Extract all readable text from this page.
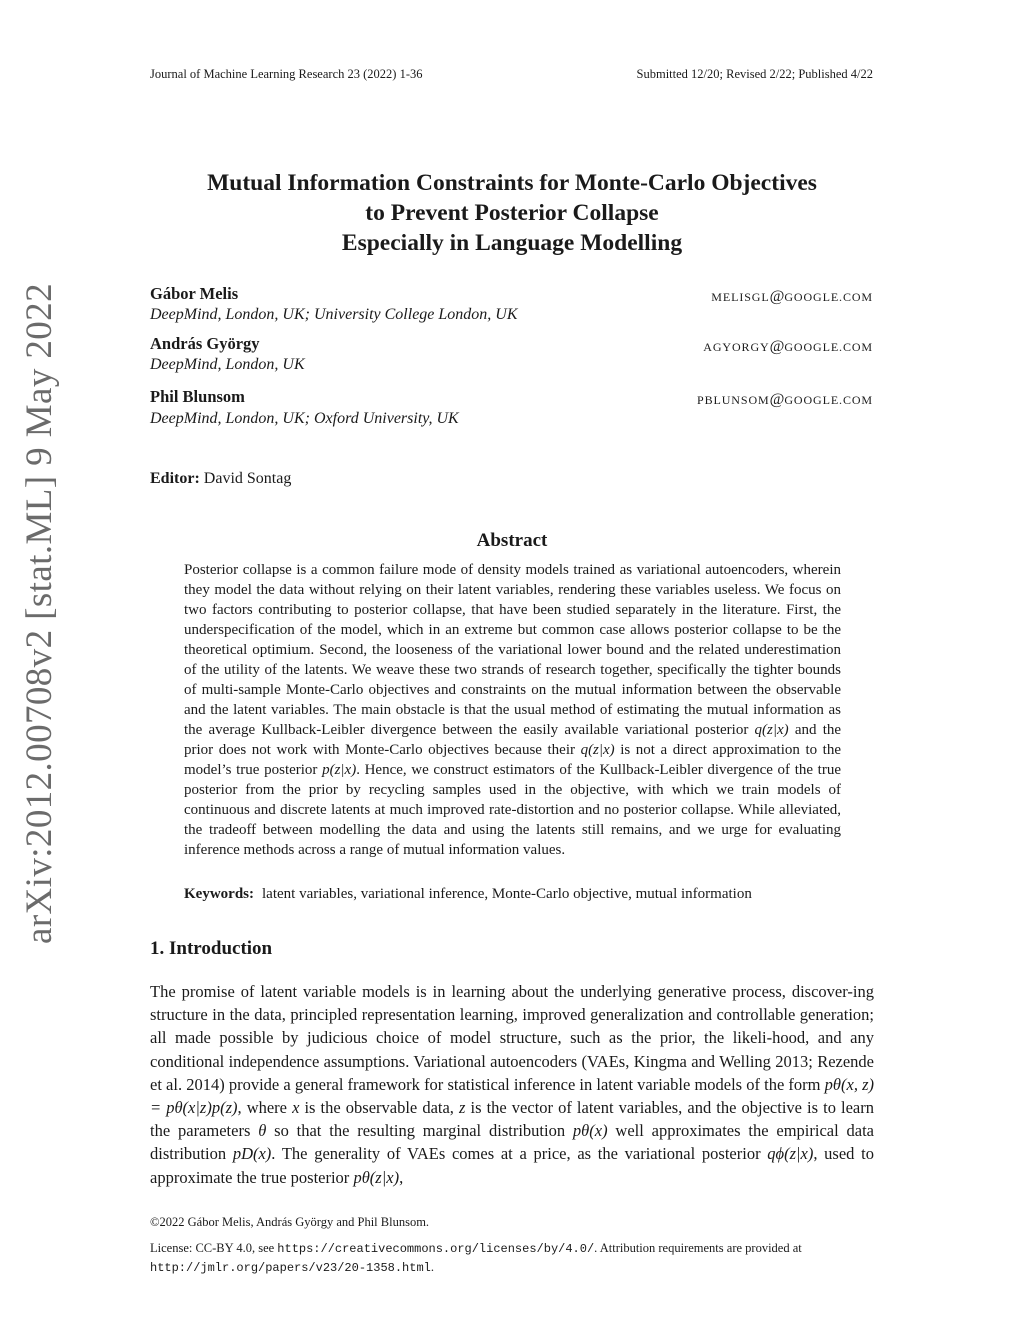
Journal of Machine Learning Research 23 (2022) 1-36	Submitted 12/20; Revised 2/22; Published 4/22
Mutual Information Constraints for Monte-Carlo Objectives
to Prevent Posterior Collapse
Especially in Language Modelling
Gábor Melis
DeepMind, London, UK; University College London, UK
MELISGL@GOOGLE.COM
András György
DeepMind, London, UK
AGYORGY@GOOGLE.COM
Phil Blunsom
DeepMind, London, UK; Oxford University, UK
PBLUNSOM@GOOGLE.COM
Editor: David Sontag
Abstract
Posterior collapse is a common failure mode of density models trained as variational autoencoders, wherein they model the data without relying on their latent variables, rendering these variables useless. We focus on two factors contributing to posterior collapse, that have been studied separately in the literature. First, the underspecification of the model, which in an extreme but common case allows posterior collapse to be the theoretical optimium. Second, the looseness of the variational lower bound and the related underestimation of the utility of the latents. We weave these two strands of research together, specifically the tighter bounds of multi-sample Monte-Carlo objectives and constraints on the mutual information between the observable and the latent variables. The main obstacle is that the usual method of estimating the mutual information as the average Kullback-Leibler divergence between the easily available variational posterior q(z|x) and the prior does not work with Monte-Carlo objectives because their q(z|x) is not a direct approximation to the model’s true posterior p(z|x). Hence, we construct estimators of the Kullback-Leibler divergence of the true posterior from the prior by recycling samples used in the objective, with which we train models of continuous and discrete latents at much improved rate-distortion and no posterior collapse. While alleviated, the tradeoff between modelling the data and using the latents still remains, and we urge for evaluating inference methods across a range of mutual information values.
Keywords: latent variables, variational inference, Monte-Carlo objective, mutual information
1. Introduction
The promise of latent variable models is in learning about the underlying generative process, discover-ing structure in the data, principled representation learning, improved generalization and controllable generation; all made possible by judicious choice of model structure, such as the prior, the likeli-hood, and any conditional independence assumptions. Variational autoencoders (VAEs, Kingma and Welling 2013; Rezende et al. 2014) provide a general framework for statistical inference in latent variable models of the form pθ(x, z) = pθ(x|z)p(z), where x is the observable data, z is the vector of latent variables, and the objective is to learn the parameters θ so that the resulting marginal distribution pθ(x) well approximates the empirical data distribution pD(x). The generality of VAEs comes at a price, as the variational posterior qϕ(z|x), used to approximate the true posterior pθ(z|x),
©2022 Gábor Melis, András György and Phil Blunsom.
License: CC-BY 4.0, see https://creativecommons.org/licenses/by/4.0/. Attribution requirements are provided at
http://jmlr.org/papers/v23/20-1358.html.
arXiv:2012.00708v2 [stat.ML] 9 May 2022
